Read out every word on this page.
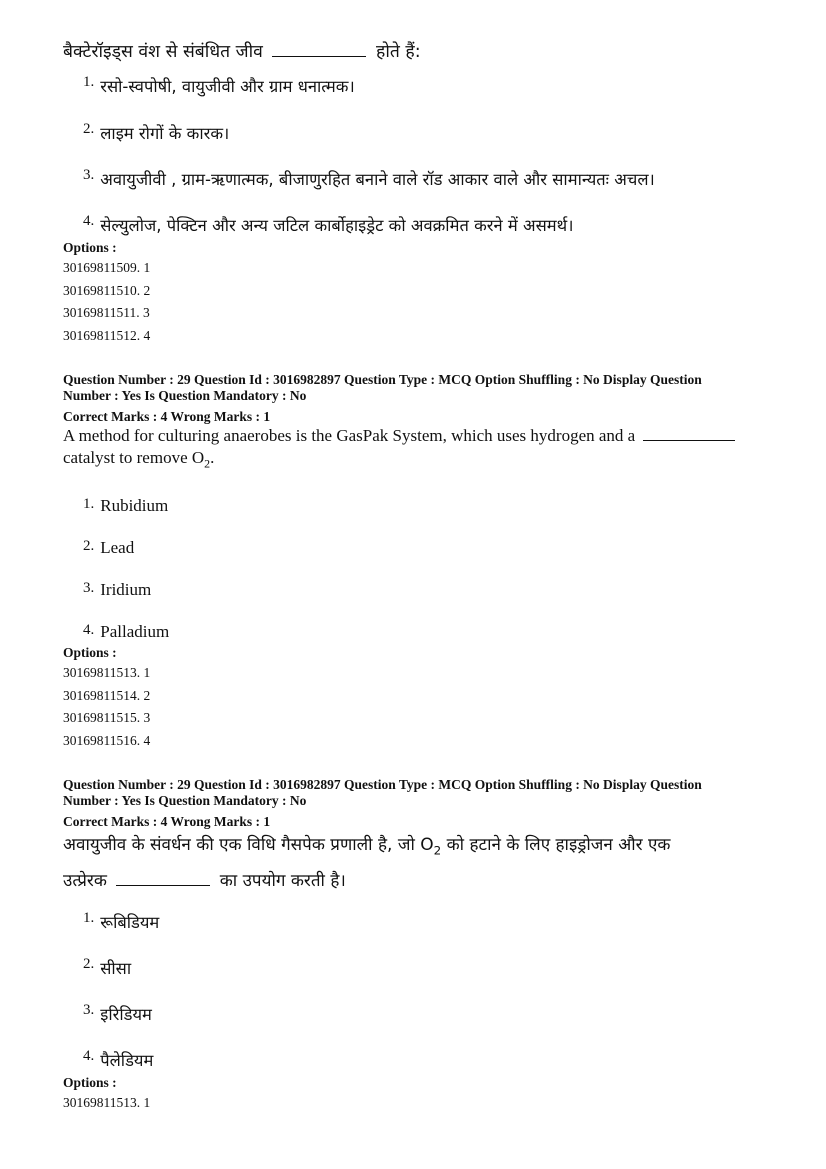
बैक्टेरॉइड्स वंश से संबंधित जीव	होते हैं:

1. रसो-स्वपोषी, वायुजीवी और ग्राम धनात्मक।
2. लाइम रोगों के कारक।
3. अवायुजीवी , ग्राम-ऋणात्मक, बीजाणुरहित बनाने वाले रॉड आकार वाले और सामान्यतः अचल।
4. सेल्युलोज, पेक्टिन और अन्य जटिल कार्बोहाइड्रेट को अवक्रमित करने में असमर्थ।

Options :

30169811509. 1

30169811510. 2

30169811511. 3

30169811512. 4

Question Number : 29 Question Id : 3016982897 Question Type : MCQ Option Shuffling : No Display Question

Number : Yes Is Question Mandatory : No

Correct Marks : 4 Wrong Marks : 1

A method for culturing anaerobes is the GasPak System, which uses hydrogen and a
catalyst to remove $O_2$.

1. Rubidium
2. Lead
3. Iridium
4. Palladium

Options :

30169811513. 1

30169811514. 2

30169811515. 3

30169811516. 4

Question Number : 29 Question Id : 3016982897 Question Type : MCQ Option Shuffling : No Display Question

Number : Yes Is Question Mandatory : No

Correct Marks : 4 Wrong Marks : 1

अवायुजीव के संवर्धन की एक विधि गैसपेक प्रणाली है, जो $O_2$ को हटाने के लिए हाइड्रोजन और एक
उत्प्रेरक	का उपयोग करती है।

1. रूबिडियम
2. सीसा
3. इरिडियम
4. पैलेडियम

Options :

30169811513. 1
